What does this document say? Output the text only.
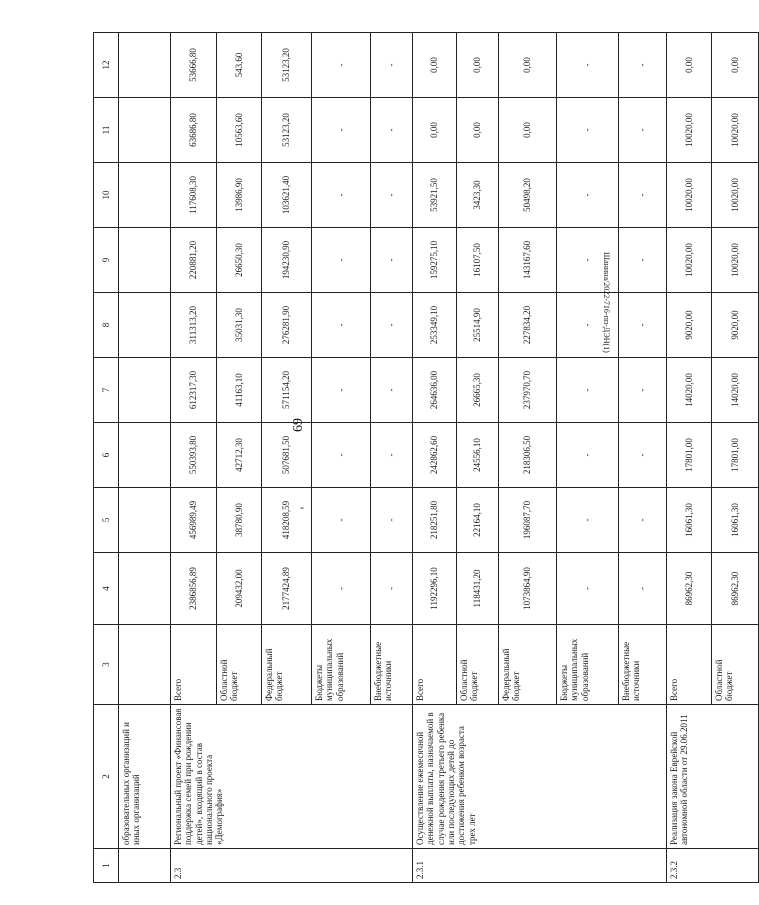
69
-
Шанина/2022-716-пп-ДЭН(1)
1	2	3	4	5	6	7	8	9	10	11	12
	образовательных организаций и иных организаций										
2.3	Региональный проект «Финансовая поддержка семей при рождении детей», входящий в состав национального проекта «Демография»	Всего	2386856,89	456989,49	550393,80	612317,30	311313,20	220881,20	117608,30	63686,80	53666,80
		Областной бюджет	209432,00	38780,90	42712,30	41163,10	35031,30	26650,30	13986,90	10563,60	543,60
		Федеральный бюджет	2177424,89	418208,59	507681,50	571154,20	276281,90	194230,90	103621,40	53123,20	53123,20
		Бюджеты муниципальных образований	-	-	-	-	-	-	-	-	-
		Внебюджетные источники	-	-	-	-	-	-	-	-	-
2.3.1	Осуществление ежемесячной денежной выплаты, назначаемой в случае рождения третьего ребенка или последующих детей до достижения ребенком возраста трех лет	Всего	1192296,10	218251,80	242862,60	264636,00	253349,10	159275,10	53921,50	0,00	0,00
		Областной бюджет	118431,20	22164,10	24556,10	26665,30	25514,90	16107,50	3423,30	0,00	0,00
		Федеральный бюджет	1073864,90	196087,70	218306,50	237970,70	227834,20	143167,60	50498,20	0,00	0,00
		Бюджеты муниципальных образований	-	-	-	-	-	-	-	-	-
		Внебюджетные источники	-	-	-	-	-	-	-	-	-
2.3.2	Реализация закона Еврейской автономной области от 29.06.2011	Всего	86962,30	16061,30	17801,00	14020,00	9020,00	10020,00	10020,00	10020,00	0,00
		Областной бюджет	86962,30	16061,30	17801,00	14020,00	9020,00	10020,00	10020,00	10020,00	0,00
